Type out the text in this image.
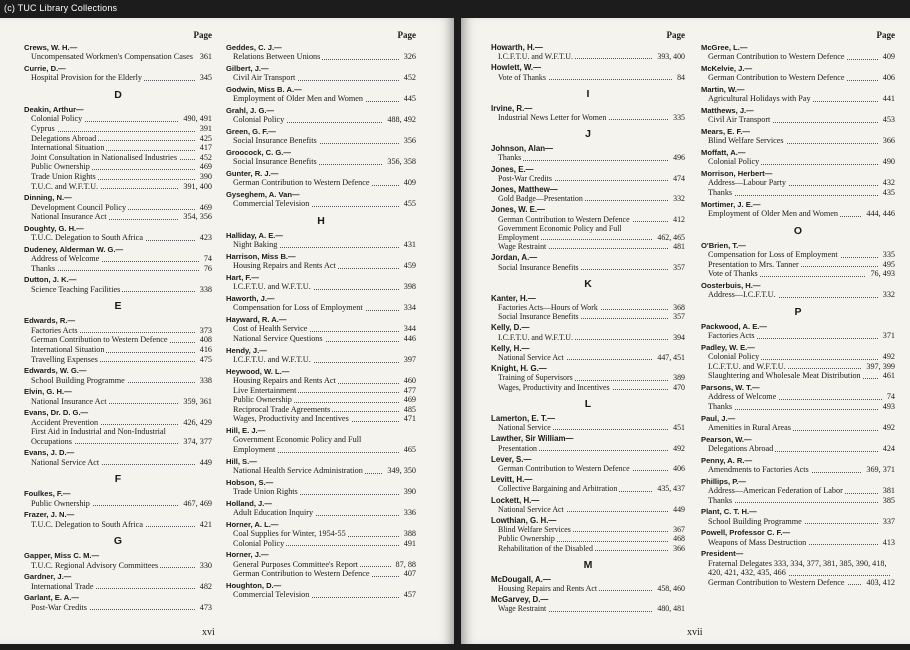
(c) TUC Library Collections
Page
Crews, W. H.—
Uncompensated Workmen's Compensation Cases 361
Currie, D.—
Hospital Provision for the Elderly	345
D
Deakin, Arthur—
Colonial Policy	490, 491
Cyprus	391
Delegations Abroad	425
International Situation	417
Joint Consultation in Nationalised Industries	452
Public Ownership	469
Trade Union Rights	390
T.U.C. and W.F.T.U.	391, 400
Dinning, N.—
Development Council Policy	469
National Insurance Act	354, 356
Doughty, G. H.—
T.U.C. Delegation to South Africa	423
Dudeney, Alderman W. G.—
Address of Welcome	74
Thanks	76
Dutton, J. K.—
Science Teaching Facilities	338
E
Edwards, R.—
Factories Acts	373
German Contribution to Western Defence	408
International Situation	416
Travelling Expenses	475
Edwards, W. G.—
School Building Programme	338
Elvin, G. H.—
National Insurance Act	359, 361
Evans, Dr. D. G.—
Accident Prevention	426, 429
First Aid in Industrial and Non-Industrial Occupations	374, 377
Evans, J. D.—
National Service Act	449
F
Foulkes, F.—
Public Ownership	467, 469
Frazer, J. N.—
T.U.C. Delegation to South Africa	421
G
Gapper, Miss C. M.—
T.U.C. Regional Advisory Committees	330
Gardner, J.—
International Trade	482
Garlant, E. A.—
Post-War Credits	473
Page
Geddes, C. J.—
Relations Between Unions	326
Gilbert, J.—
Civil Air Transport	452
Godwin, Miss B. A.—
Employment of Older Men and Women	445
Grahl, J. G.—
Colonial Policy	488, 492
Green, G. F.—
Social Insurance Benefits	356
Groocock, C. G.—
Social Insurance Benefits	356, 358
Gunter, R. J.—
German Contribution to Western Defence	409
Gyseghem, A. Van—
Commercial Television	455
H
Halliday, A. E.—
Night Baking	431
Harrison, Miss B.—
Housing Repairs and Rents Act	459
Hart, F.—
I.C.F.T.U. and W.F.T.U.	398
Haworth, J.—
Compensation for Loss of Employment	334
Hayward, R. A.—
Cost of Health Service	344
National Service Questions	446
Hendy, J.—
I.C.F.T.U. and W.F.T.U.	397
Heywood, W. L.—
Housing Repairs and Rents Act	460
Live Entertainment	477
Public Ownership	469
Reciprocal Trade Agreements	485
Wages, Productivity and Incentives	471
Hill, E. J.—
Government Economic Policy and Full Employment	465
Hill, S.—
National Health Service Administration	349, 350
Hobson, S.—
Trade Union Rights	390
Holland, J.—
Adult Education Inquiry	336
Horner, A. L.—
Coal Supplies for Winter, 1954-55	388
Colonial Policy	491
Horner, J.—
General Purposes Committee's Report	87, 88
German Contribution to Western Defence	407
Houghton, D.—
Commercial Television	457
xvi
Page
Howarth, H.—
I.C.F.T.U. and W.F.T.U.	393, 400
Howlett, W.—
Vote of Thanks	84
I
Irvine, R.—
Industrial News Letter for Women	335
J
Johnson, Alan—
Thanks	496
Jones, E.—
Post-War Credits	474
Jones, Matthew—
Gold Badge—Presentation	332
Jones, W. E.—
German Contribution to Western Defence	412
Government Economic Policy and Full Employment	462, 465
Wage Restraint	481
Jordan, A.—
Social Insurance Benefits	357
K
Kanter, H.—
Factories Acts—Hours of Work	368
Social Insurance Benefits	357
Kelly, D.—
I.C.F.T.U. and W.F.T.U.	394
Kelly, H.—
National Service Act	447, 451
Knight, H. G.—
Training of Supervisors	389
Wages, Productivity and Incentives	470
L
Lamerton, E. T.—
National Service	451
Lawther, Sir William—
Presentation	492
Lever, S.—
German Contribution to Western Defence	406
Levitt, H.—
Collective Bargaining and Arbitration	435, 437
Lockett, H.—
National Service Act	449
Lowthian, G. H.—
Blind Welfare Services	367
Public Ownership	468
Rehabilitation of the Disabled	366
M
McDougall, A.—
Housing Repairs and Rents Act	458, 460
McGarvey, D.—
Wage Restraint	480, 481
Page
McGree, L.—
German Contribution to Western Defence	409
McKelvie, J.—
German Contribution to Western Defence	406
Martin, W.—
Agricultural Holidays with Pay	441
Matthews, J.—
Civil Air Transport	453
Mears, E. F.—
Blind Welfare Services	366
Moffatt, A.—
Colonial Policy	490
Morrison, Herbert—
Address—Labour Party	432
Thanks	435
Mortimer, J. E.—
Employment of Older Men and Women	444, 446
O
O'Brien, T.—
Compensation for Loss of Employment	335
Presentation to Mrs. Tanner	495
Vote of Thanks	76, 493
Oosterbuis, H.—
Address—I.C.F.T.U.	332
P
Packwood, A. E.—
Factories Acts	371
Padley, W. E.—
Colonial Policy	492
I.C.F.T.U. and W.F.T.U.	397, 399
Slaughtering and Wholesale Meat Distribution	461
Parsons, W. T.—
Address of Welcome	74
Thanks	493
Paul, J.—
Amenities in Rural Areas	492
Pearson, W.—
Delegations Abroad	424
Penny, A. R.—
Amendments to Factories Acts	369, 371
Phillips, P.—
Address—American Federation of Labor	381
Thanks	385
Plant, C. T. H.—
School Building Programme	337
Powell, Professor C. F.—
Weapons of Mass Destruction	413
President—
Fraternal Delegates 333, 334, 377, 381, 385, 390, 418, 420, 421, 432, 435, 466
German Contribution to Western Defence	403, 412
xvii
